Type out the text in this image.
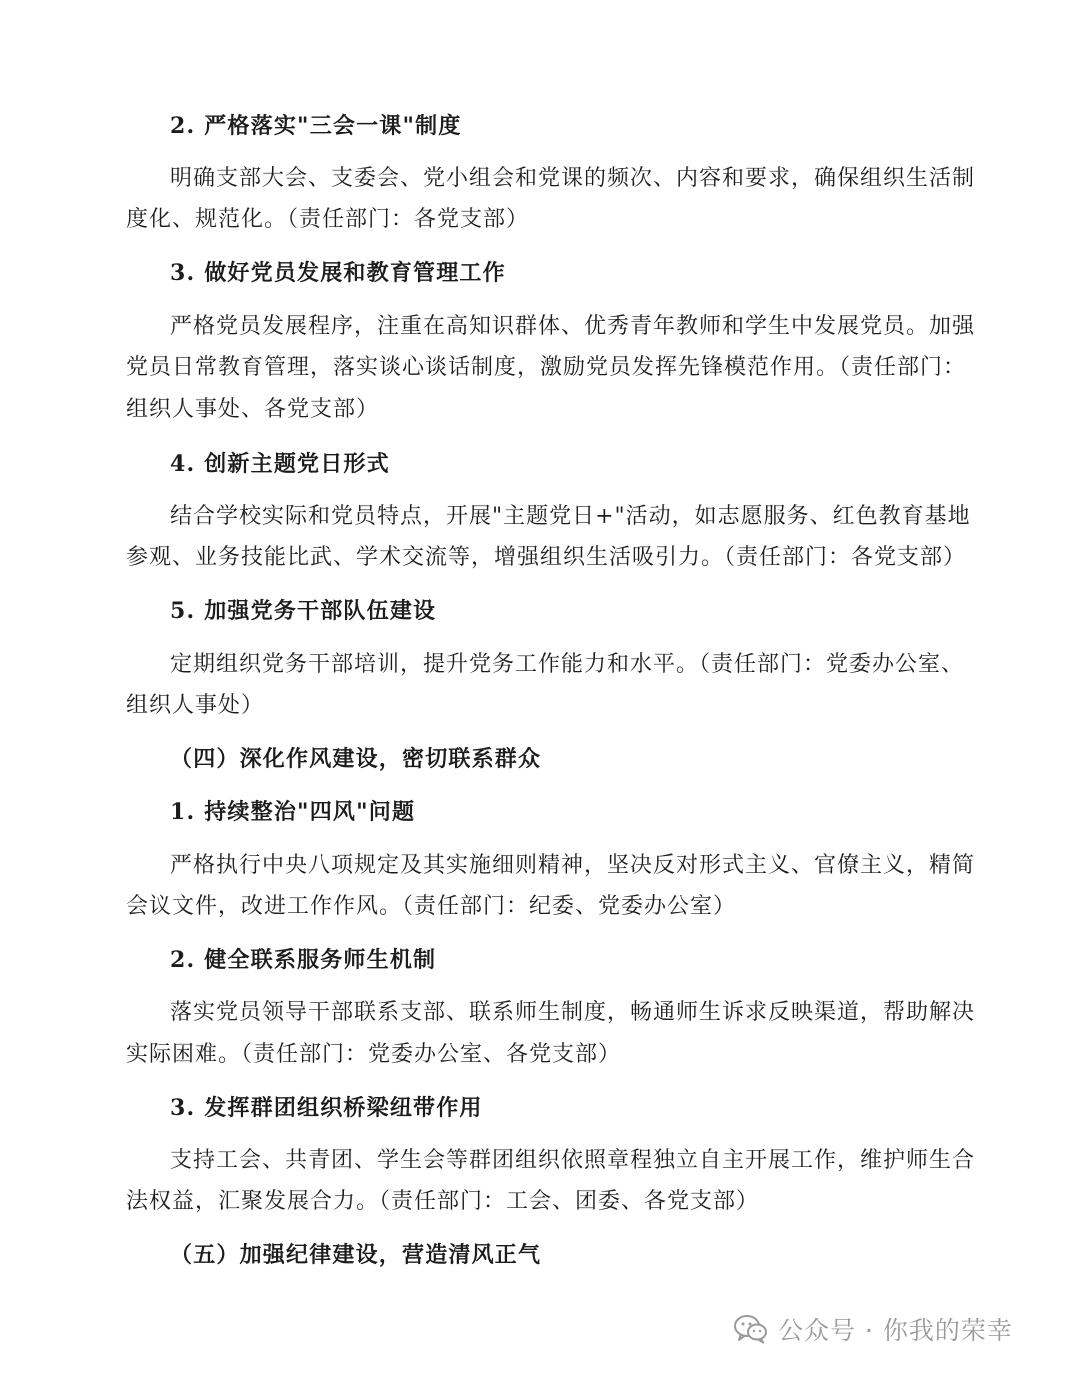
2. 严格落实"三会一课"制度
明确支部大会、支委会、党小组会和党课的频次、内容和要求，确保组织生活制
度化、规范化。（责任部门：各党支部）
3. 做好党员发展和教育管理工作
严格党员发展程序，注重在高知识群体、优秀青年教师和学生中发展党员。加强
党员日常教育管理，落实谈心谈话制度，激励党员发挥先锋模范作用。（责任部门：
组织人事处、各党支部）
4. 创新主题党日形式
结合学校实际和党员特点，开展"主题党日+"活动，如志愿服务、红色教育基地
参观、业务技能比武、学术交流等，增强组织生活吸引力。（责任部门：各党支部）
5. 加强党务干部队伍建设
定期组织党务干部培训，提升党务工作能力和水平。（责任部门：党委办公室、
组织人事处）
（四）深化作风建设，密切联系群众
1. 持续整治"四风"问题
严格执行中央八项规定及其实施细则精神，坚决反对形式主义、官僚主义，精简
会议文件，改进工作作风。（责任部门：纪委、党委办公室）
2. 健全联系服务师生机制
落实党员领导干部联系支部、联系师生制度，畅通师生诉求反映渠道，帮助解决
实际困难。（责任部门：党委办公室、各党支部）
3. 发挥群团组织桥梁纽带作用
支持工会、共青团、学生会等群团组织依照章程独立自主开展工作，维护师生合
法权益，汇聚发展合力。（责任部门：工会、团委、各党支部）
（五）加强纪律建设，营造清风正气
公众号 · 你我的荣幸
